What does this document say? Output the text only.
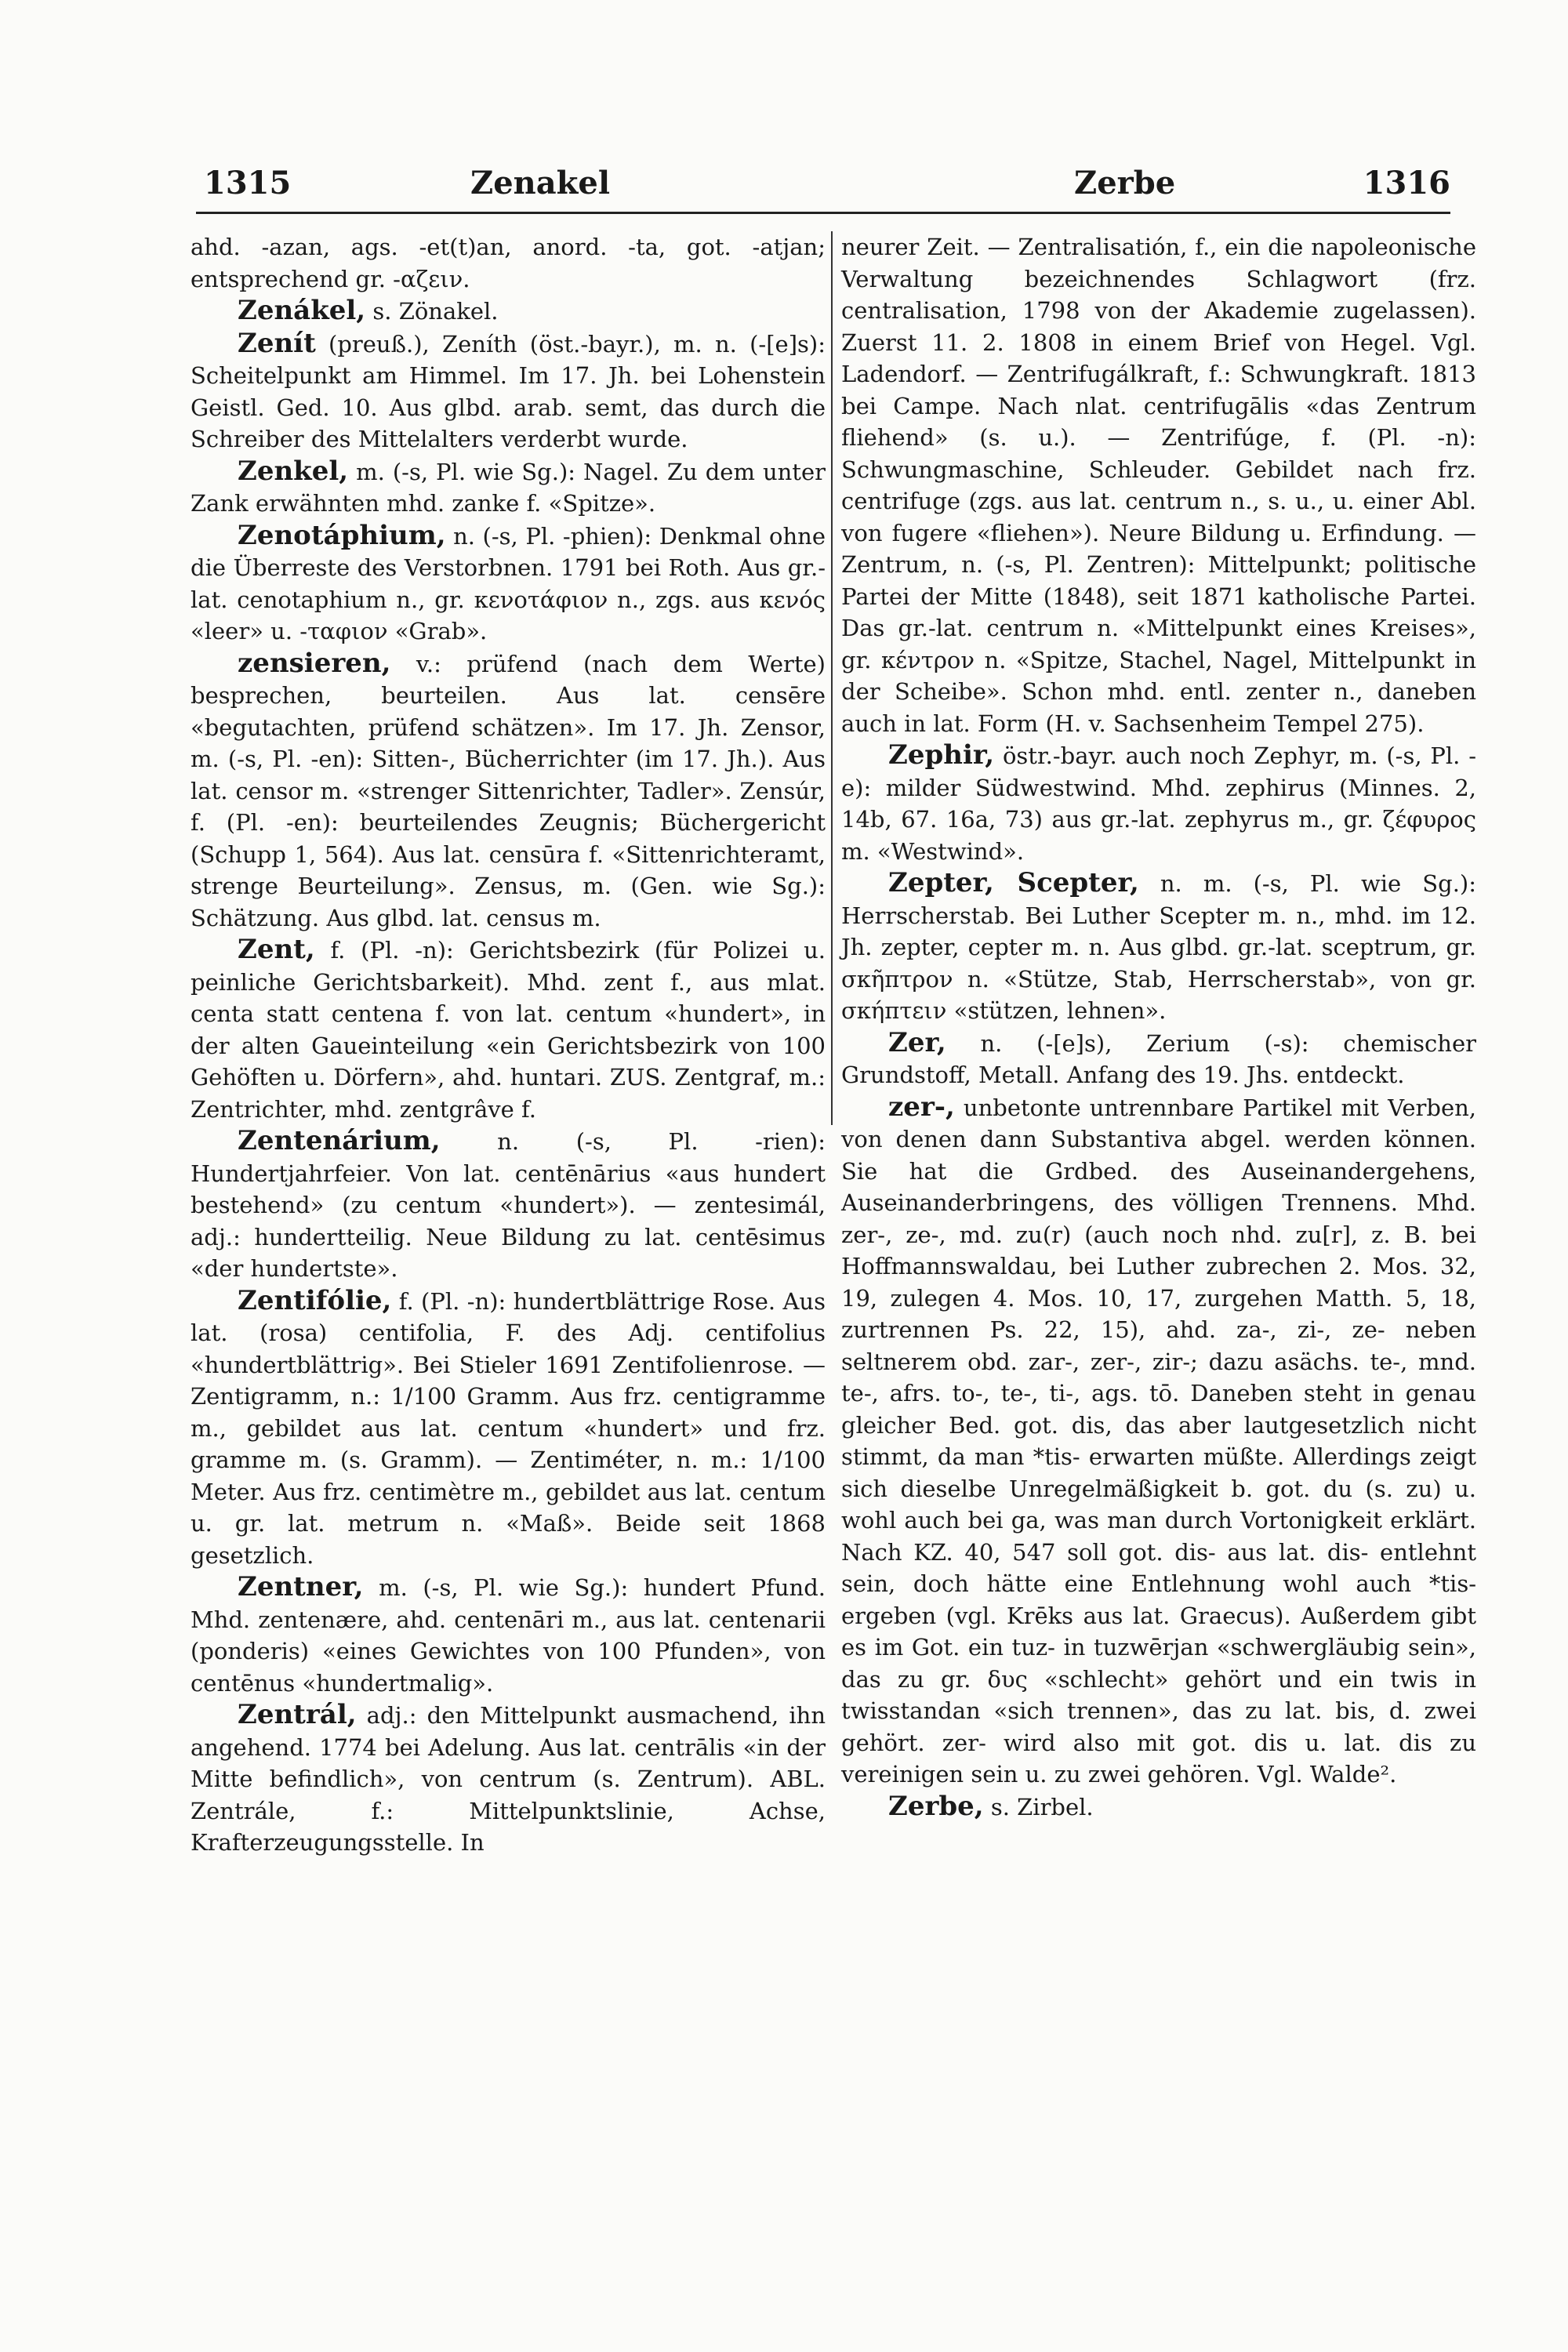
1315	Zenakel	Zerbe	1316

ahd. -azan, ags. -et(t)an, anord. -ta, got. -atjan; entsprechend gr. -αζειν.

Zenákel, s. Zönakel.

Zenít (preuß.), Zeníth (öst.-bayr.), m. n. (-[e]s): Scheitelpunkt am Himmel. Im 17. Jh. bei Lohenstein Geistl. Ged. 10. Aus glbd. arab. semt, das durch die Schreiber des Mittelalters verderbt wurde.

Zenkel, m. (-s, Pl. wie Sg.): Nagel. Zu dem unter Zank erwähnten mhd. zanke f. «Spitze».

Zenotáphium, n. (-s, Pl. -phien): Denkmal ohne die Überreste des Verstorbnen. 1791 bei Roth. Aus gr.-lat. cenotaphium n., gr. κενοτάφιον n., zgs. aus κενός «leer» u. -ταφιον «Grab».

zensieren, v.: prüfend (nach dem Werte) besprechen, beurteilen. Aus lat. censēre «begutachten, prüfend schätzen». Im 17. Jh. Zensor, m. (-s, Pl. -en): Sitten-, Bücherrichter (im 17. Jh.). Aus lat. censor m. «strenger Sittenrichter, Tadler». Zensúr, f. (Pl. -en): beurteilendes Zeugnis; Büchergericht (Schupp 1, 564). Aus lat. censūra f. «Sittenrichteramt, strenge Beurteilung». Zensus, m. (Gen. wie Sg.): Schätzung. Aus glbd. lat. census m.

Zent, f. (Pl. -n): Gerichtsbezirk (für Polizei u. peinliche Gerichtsbarkeit). Mhd. zent f., aus mlat. centa statt centena f. von lat. centum «hundert», in der alten Gaueinteilung «ein Gerichtsbezirk von 100 Gehöften u. Dörfern», ahd. huntari. ZUS. Zentgraf, m.: Zentrichter, mhd. zentgrâve f.

Zentenárium, n. (-s, Pl. -rien): Hundertjahrfeier. Von lat. centēnārius «aus hundert bestehend» (zu centum «hundert»). — zentesimál, adj.: hundertteilig. Neue Bildung zu lat. centēsimus «der hundertste».

Zentifólie, f. (Pl. -n): hundertblättrige Rose. Aus lat. (rosa) centifolia, F. des Adj. centifolius «hundertblättrig». Bei Stieler 1691 Zentifolienrose. — Zentigramm, n.: 1/100 Gramm. Aus frz. centigramme m., gebildet aus lat. centum «hundert» und frz. gramme m. (s. Gramm). — Zentiméter, n. m.: 1/100 Meter. Aus frz. centimètre m., gebildet aus lat. centum u. gr. lat. metrum n. «Maß». Beide seit 1868 gesetzlich.

Zentner, m. (-s, Pl. wie Sg.): hundert Pfund. Mhd. zentenære, ahd. centenāri m., aus lat. centenarii (ponderis) «eines Gewichtes von 100 Pfunden», von centēnus «hundertmalig».

Zentrál, adj.: den Mittelpunkt ausmachend, ihn angehend. 1774 bei Adelung. Aus lat. centrālis «in der Mitte befindlich», von centrum (s. Zentrum). ABL. Zentrále, f.: Mittelpunktslinie, Achse, Krafterzeugungsstelle. In

neurer Zeit. — Zentralisatión, f., ein die napoleonische Verwaltung bezeichnendes Schlagwort (frz. centralisation, 1798 von der Akademie zugelassen). Zuerst 11. 2. 1808 in einem Brief von Hegel. Vgl. Ladendorf. — Zentrifugálkraft, f.: Schwungkraft. 1813 bei Campe. Nach nlat. centrifugālis «das Zentrum fliehend» (s. u.). — Zentrifúge, f. (Pl. -n): Schwungmaschine, Schleuder. Gebildet nach frz. centrifuge (zgs. aus lat. centrum n., s. u., u. einer Abl. von fugere «fliehen»). Neure Bildung u. Erfindung. — Zentrum, n. (-s, Pl. Zentren): Mittelpunkt; politische Partei der Mitte (1848), seit 1871 katholische Partei. Das gr.-lat. centrum n. «Mittelpunkt eines Kreises», gr. κέντρον n. «Spitze, Stachel, Nagel, Mittelpunkt in der Scheibe». Schon mhd. entl. zenter n., daneben auch in lat. Form (H. v. Sachsenheim Tempel 275).

Zephir, östr.-bayr. auch noch Zephyr, m. (-s, Pl. -e): milder Südwestwind. Mhd. zephirus (Minnes. 2, 14b, 67. 16a, 73) aus gr.-lat. zephyrus m., gr. ζέφυρος m. «Westwind».

Zepter, Scepter, n. m. (-s, Pl. wie Sg.): Herrscherstab. Bei Luther Scepter m. n., mhd. im 12. Jh. zepter, cepter m. n. Aus glbd. gr.-lat. sceptrum, gr. σκῆπτρον n. «Stütze, Stab, Herrscherstab», von gr. σκήπτειν «stützen, lehnen».

Zer, n. (-[e]s), Zerium (-s): chemischer Grundstoff, Metall. Anfang des 19. Jhs. entdeckt.

zer-, unbetonte untrennbare Partikel mit Verben, von denen dann Substantiva abgel. werden können. Sie hat die Grdbed. des Auseinandergehens, Auseinanderbringens, des völligen Trennens. Mhd. zer-, ze-, md. zu(r) (auch noch nhd. zu[r], z. B. bei Hoffmannswaldau, bei Luther zubrechen 2. Mos. 32, 19, zulegen 4. Mos. 10, 17, zurgehen Matth. 5, 18, zurtrennen Ps. 22, 15), ahd. za-, zi-, ze- neben seltnerem obd. zar-, zer-, zir-; dazu asächs. te-, mnd. te-, afrs. to-, te-, ti-, ags. tō. Daneben steht in genau gleicher Bed. got. dis, das aber lautgesetzlich nicht stimmt, da man *tis- erwarten müßte. Allerdings zeigt sich dieselbe Unregelmäßigkeit b. got. du (s. zu) u. wohl auch bei ga, was man durch Vortonigkeit erklärt. Nach KZ. 40, 547 soll got. dis- aus lat. dis- entlehnt sein, doch hätte eine Entlehnung wohl auch *tis- ergeben (vgl. Krēks aus lat. Graecus). Außerdem gibt es im Got. ein tuz- in tuzwērjan «schwergläubig sein», das zu gr. δυς «schlecht» gehört und ein twis in twisstandan «sich trennen», das zu lat. bis, d. zwei gehört. zer- wird also mit got. dis u. lat. dis zu vereinigen sein u. zu zwei gehören. Vgl. Walde².

Zerbe, s. Zirbel.
